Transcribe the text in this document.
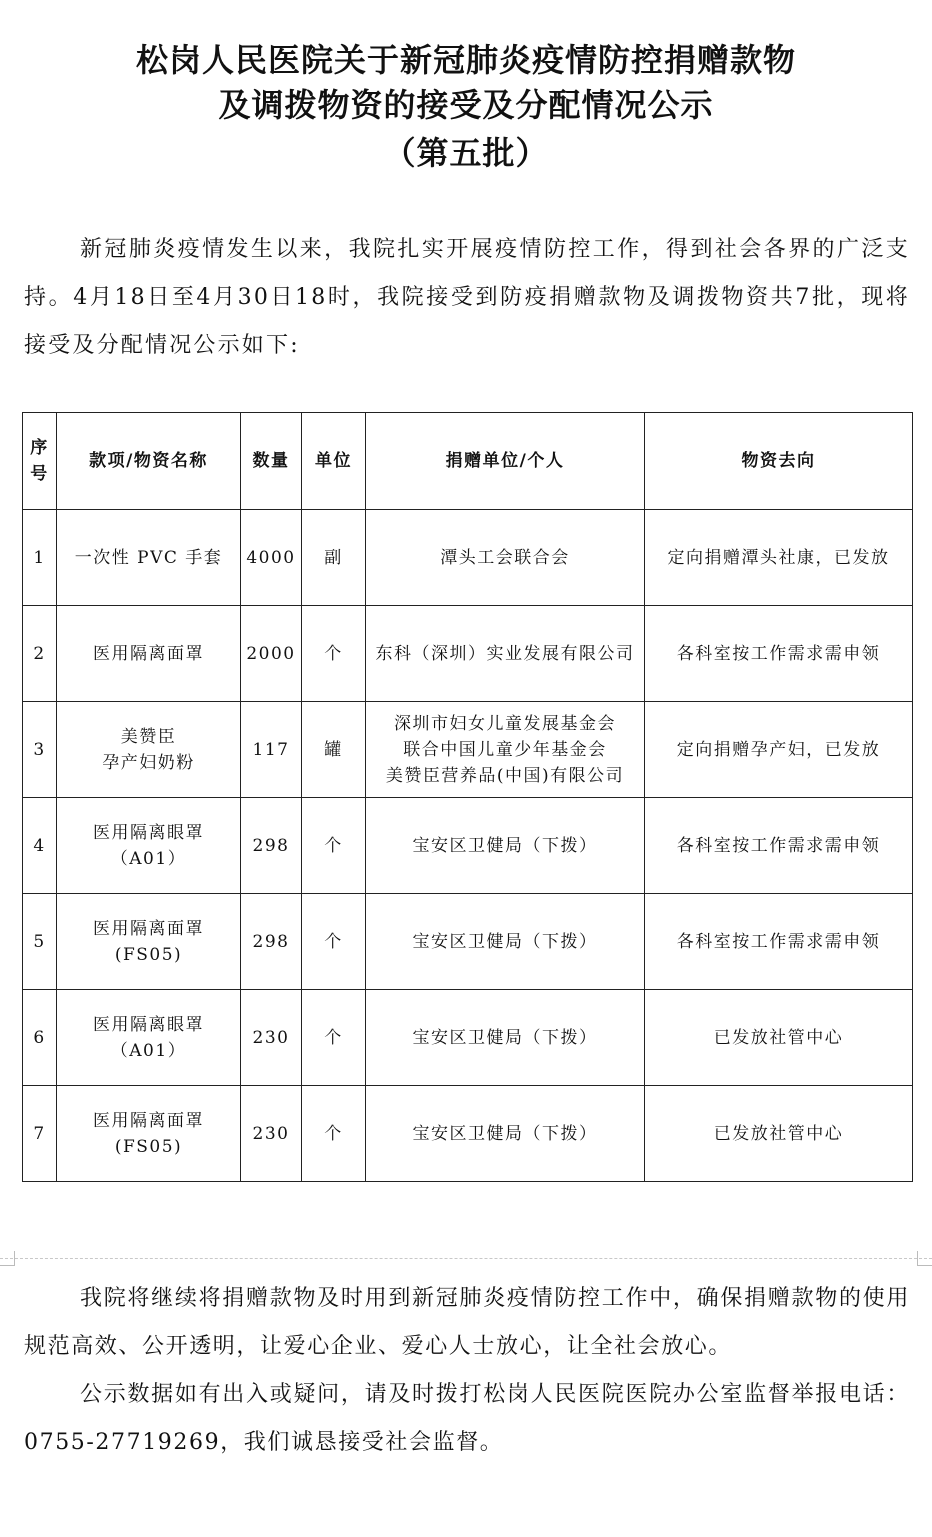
松岗人民医院关于新冠肺炎疫情防控捐赠款物
及调拨物资的接受及分配情况公示
（第五批）

新冠肺炎疫情发生以来，我院扎实开展疫情防控工作，得到社会各界的广泛支持。4月18日至4月30日18时，我院接受到防疫捐赠款物及调拨物资共7批，现将接受及分配情况公示如下:

序
号	款项/物资名称	数量	单位	捐赠单位/个人	物资去向

1	一次性 PVC 手套	4000	副	潭头工会联合会	定向捐赠潭头社康，已发放

2	医用隔离面罩	2000	个	东科（深圳）实业发展有限公司	各科室按工作需求需申领

3	美赞臣
孕产妇奶粉	117	罐	深圳市妇女儿童发展基金会
联合中国儿童少年基金会
美赞臣营养品(中国)有限公司	定向捐赠孕产妇，已发放

4	医用隔离眼罩
（A01）	298	个	宝安区卫健局（下拨）	各科室按工作需求需申领

5	医用隔离面罩
(FS05)	298	个	宝安区卫健局（下拨）	各科室按工作需求需申领

6	医用隔离眼罩
（A01）	230	个	宝安区卫健局（下拨）	已发放社管中心

7	医用隔离面罩
(FS05)	230	个	宝安区卫健局（下拨）	已发放社管中心

我院将继续将捐赠款物及时用到新冠肺炎疫情防控工作中，确保捐赠款物的使用规范高效、公开透明，让爱心企业、爱心人士放心，让全社会放心。

公示数据如有出入或疑问，请及时拨打松岗人民医院医院办公室监督举报电话：0755-27719269，我们诚恳接受社会监督。
